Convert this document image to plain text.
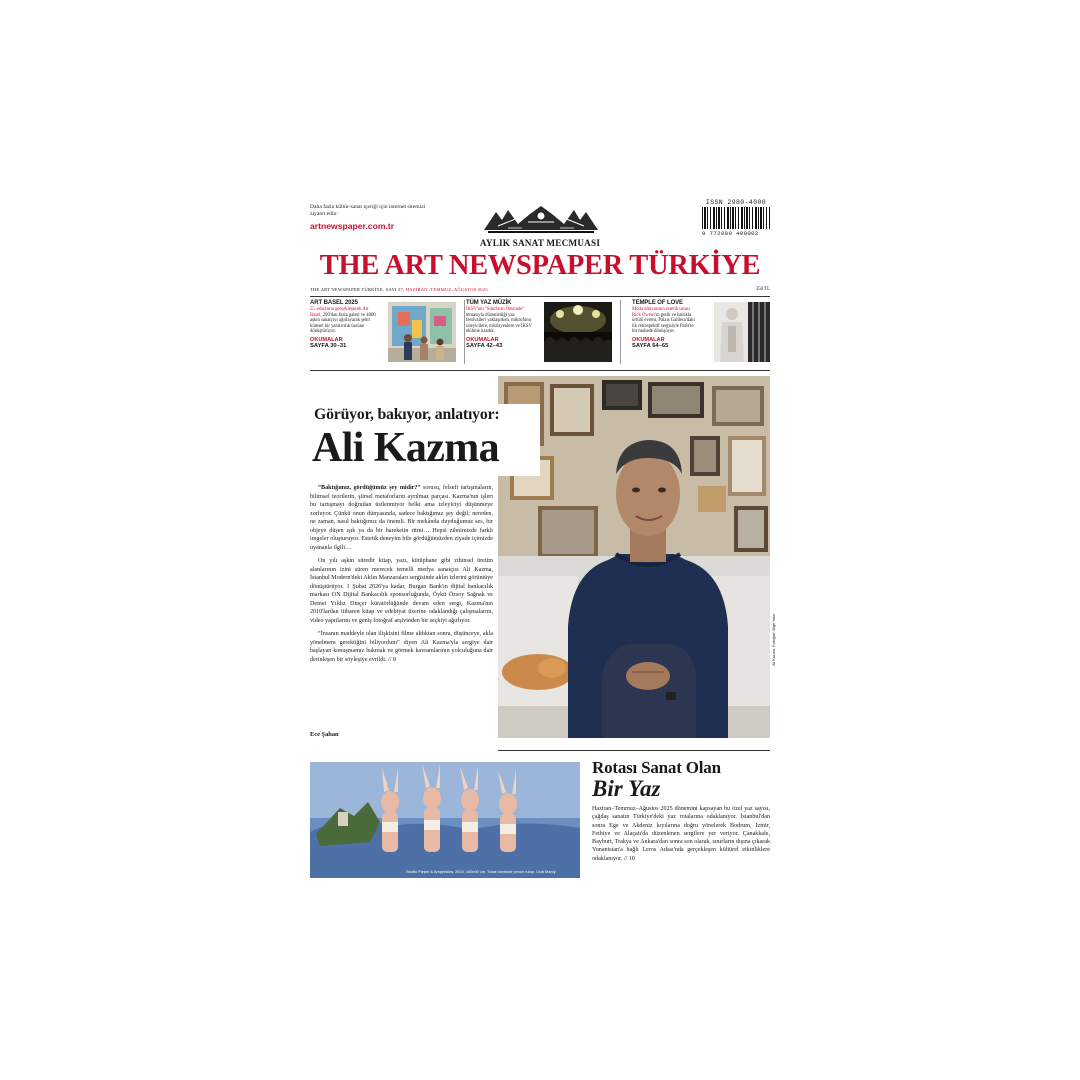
Daha fazla kültür-sanat içeriği için internet sitemizi ziyaret edin:
artnewspaper.com.tr
ISSN 2980-4000
9 772980 400002
AYLIK SANAT MECMUASI
THE ART NEWSPAPER TÜRKİYE
THE ART NEWSPAPER TÜRKİYE, SAYI 37, HAZİRAN–TEMMUZ–AĞUSTOS 2025	350 TL
ART BASEL 2025
55. edisyonu gerçekleşecek Art Basel, 290'dan fazla galeri ve 4000 aşkın sanatçıyı ağırlayarak şehri küresel bir yaratıcılık üssüne dönüştürüyor.
OKUMALAR
SAYFA 30–31
TÜM YAZ MÜZİK
İKSV'nin "Sınırların Ötesinde" temasıyla düzenlediği yaz festivalleri yaklaşırken, mikrofonu izleyicilere, müzisyenlere ve İKSV ekibine uzattık.
OKUMALAR
SAYFA 42–43
TEMPLE OF LOVE
Moda dünyasının estetik ustası Rick Owens'ın gotik ve barokla örtülü evreni, Palais Galliera'daki ilk retrospektif sergisiyle Paris'te bir mabede dönüşüyor.
OKUMALAR
SAYFA 64–65
Görüyor, bakıyor, anlatıyor:
Ali Kazma

“Baktığımız, gördüğümüz şey midir?” sorusu, felsefi tartışmaların, bilimsel teorilerin, şiirsel metaforların ayrılmaz parçası. Kazma'nın işleri bu tartışmayı doğrudan üstlenmiyor belki ama izleyiciyi düşünmeye zorluyor. Çünkü onun dünyasında, sadece baktığımız şey değil; nereden, ne zaman, nasıl baktığımız da önemli. Bir mekânda duyduğumuz ses, bir objeye düşen ışık ya da bir hareketin ritmi… Hepsi zihnimizde farklı imgeler oluşturuyor. Estetik deneyim bile gördüğümüzden ziyade içimizde uyananla ilgili…

On yılı aşkın süredir kitap, yazı, kütüphane gibi zihinsel üretim alanlarının izini süren merecek temelli medya sanatçısı Ali Kazma, İstanbul Modern'deki Aklın Manzaraları sergisinde aklın izlerini görüntüye dönüştürüyor. 1 Şubat 2026'ya kadar, Burgan Bank'ın dijital bankacılık markası ON Dijital Bankacılık sponsorluğunda, Öykü Özsoy Sağnak ve Demet Yıldız Dinçer küratörlüğünde devam eden sergi, Kazma'nın 2010'lardan itibaren kitap ve edebiyat üzerine odaklandığı çalışmalarını, video yapıtlarını ve geniş fotoğraf arşivinden bir seçkiyi ağırlıyor.

“İnsanın maddeyle olan ilişkisini filme aldıktan sonra, düşünceye, akla yönelmem gerektiğini biliyordum” diyen Ali Kazma'yla sergiye dair başlayan konuşmamız bakmak ve görmek kavramlarının yolculuğuna dair derinleşen bir söyleşiye evrildi. // 8

Ece Şahan
Ali Kazma. Fotoğraf: Bige Yalın
Studio Pieper & Amperslöw, 2024, 160x90 cm. Tuval üzerinde pench rulop. Club Marcy
Rotası Sanat Olan
Bir Yaz
Haziran–Temmuz–Ağustos 2025 dönemini kapsayan bu özel yaz sayısı, çağdaş sanatın Türkiye'deki yaz rotalarına odaklanıyor. İstanbul'dan sonra Ege ve Akdeniz kıyılarına doğru yönelerek Bodrum, İzmir, Fethiye ve Alaçatı'da düzenlenen sergilere yer veriyor. Çanakkale, Bayburt, Trakya ve Ankara'dan sonra son olarak, sınırların dışına çıkarak Yunanistan'a bağlı Leros Adası'nda gerçekleşen kültürel etkinliklere odaklanıyor. // 10
